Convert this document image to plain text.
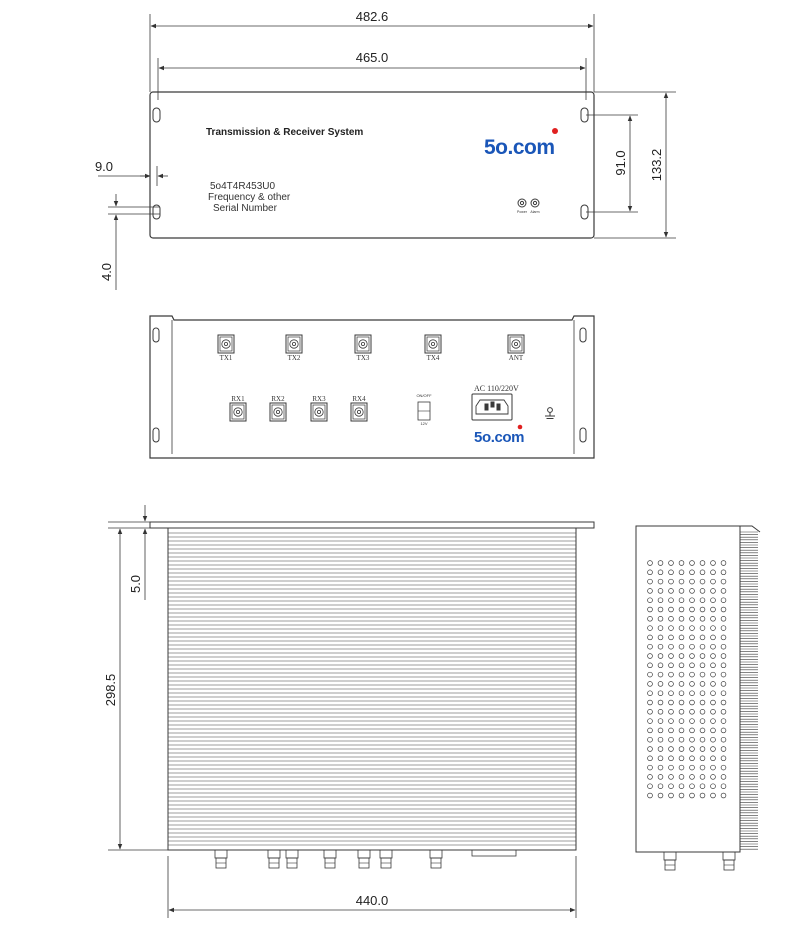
482.6
465.0
133.2
91.0
9.0
4.0
Transmission & Receiver System
5o4T4R453U0
Frequency & other
Serial Number
5o.com
Power Alarm
TX1	TX2	TX3	TX4	ANT
RX1	RX2	RX3	RX4	ON/OFF
12V
AC 110/220V
5o.com
5.0
298.5
440.0
